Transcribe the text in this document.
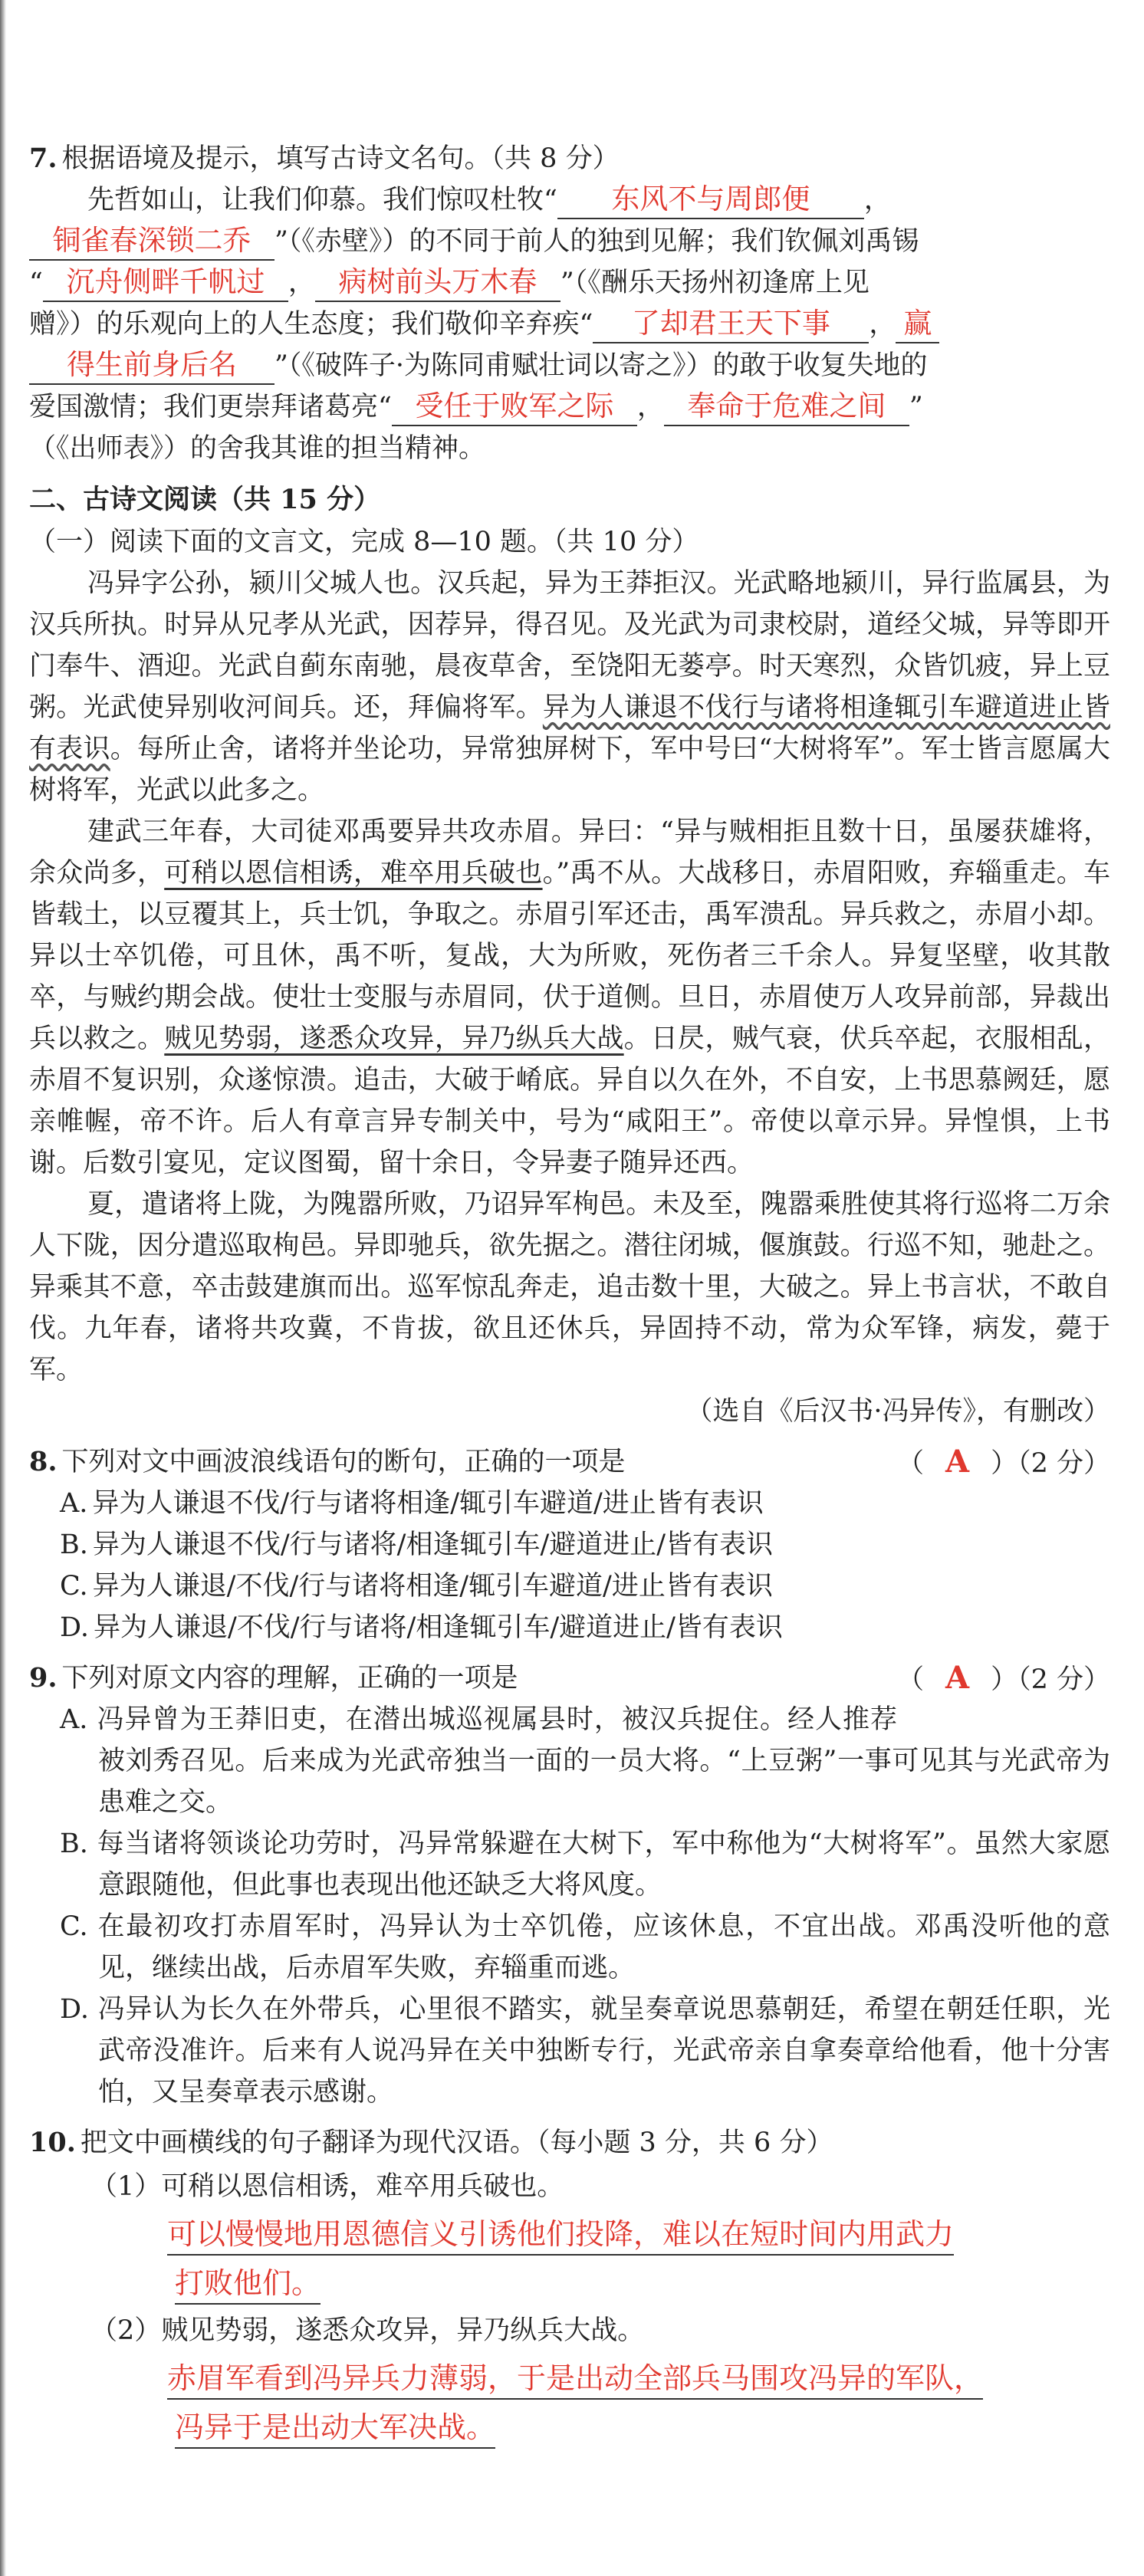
7. 根据语境及提示，填写古诗文名句。（共 8 分）
先哲如山，让我们仰慕。我们惊叹杜牧“ 东风不与周郎便 ，
铜雀春深锁二乔 ”（《赤壁》）的不同于前人的独到见解；我们钦佩刘禹锡
“ 沉舟侧畔千帆过 ， 病树前头万木春 ”（《酬乐天扬州初逢席上见
赠》）的乐观向上的人生态度；我们敬仰辛弃疾“ 了却君王天下事 ， 赢
得生前身后名 ”（《破阵子·为陈同甫赋壮词以寄之》）的敢于收复失地的
爱国激情；我们更崇拜诸葛亮“ 受任于败军之际 ， 奉命于危难之间 ”
（《出师表》）的舍我其谁的担当精神。
二、古诗文阅读（共 15 分）
（一）阅读下面的文言文，完成 8—10 题。（共 10 分）

冯异字公孙，颍川父城人也。汉兵起，异为王莽拒汉。光武略地颍川，异行监属县，为汉兵所执。时异从兄孝从光武，因荐异，得召见。及光武为司隶校尉，道经父城，异等即开门奉牛、酒迎。光武自蓟东南驰，晨夜草舍，至饶阳无蒌亭。时天寒烈，众皆饥疲，异上豆粥。光武使异别收河间兵。还，拜偏将军。异为人谦退不伐行与诸将相逢辄引车避道进止皆有表识。每所止舍，诸将并坐论功，异常独屏树下，军中号曰“大树将军”。军士皆言愿属大树将军，光武以此多之。

建武三年春，大司徒邓禹要异共攻赤眉。异曰：“异与贼相拒且数十日，虽屡获雄将，余众尚多，可稍以恩信相诱，难卒用兵破也。”禹不从。大战移日，赤眉阳败，弃辎重走。车皆载土，以豆覆其上，兵士饥，争取之。赤眉引军还击，禹军溃乱。异兵救之，赤眉小却。异以士卒饥倦，可且休，禹不听，复战，大为所败，死伤者三千余人。异复坚壁，收其散卒，与贼约期会战。使壮士变服与赤眉同，伏于道侧。旦日，赤眉使万人攻异前部，异裁出兵以救之。贼见势弱，遂悉众攻异，异乃纵兵大战。日昃，贼气衰，伏兵卒起，衣服相乱，赤眉不复识别，众遂惊溃。追击，大破于崤底。异自以久在外，不自安，上书思慕阙廷，愿亲帷幄，帝不许。后人有章言异专制关中，号为“咸阳王”。帝使以章示异。异惶惧，上书谢。后数引宴见，定议图蜀，留十余日，令异妻子随异还西。

夏，遣诸将上陇，为隗嚣所败，乃诏异军栒邑。未及至，隗嚣乘胜使其将行巡将二万余人下陇，因分遣巡取栒邑。异即驰兵，欲先据之。潜往闭城，偃旗鼓。行巡不知，驰赴之。异乘其不意，卒击鼓建旗而出。巡军惊乱奔走，追击数十里，大破之。异上书言状，不敢自伐。九年春，诸将共攻冀，不肯拔，欲且还休兵，异固持不动，常为众军锋，病发，薨于军。

（选自《后汉书·冯异传》，有删改）
8. 下列对文中画波浪线语句的断句，正确的一项是	（ A ）（2 分）
A. 异为人谦退不伐/行与诸将相逢/辄引车避道/进止皆有表识
B. 异为人谦退不伐/行与诸将/相逢辄引车/避道进止/皆有表识
C. 异为人谦退/不伐/行与诸将相逢/辄引车避道/进止皆有表识
D. 异为人谦退/不伐/行与诸将/相逢辄引车/避道进止/皆有表识
9. 下列对原文内容的理解，正确的一项是	（ A ）（2 分）

A. 冯异曾为王莽旧吏，在潜出城巡视属县时，被汉兵捉住。经人推荐被刘秀召见。后来成为光武帝独当一面的一员大将。“上豆粥”一事可见其与光武帝为患难之交。

B. 每当诸将领谈论功劳时，冯异常躲避在大树下，军中称他为“大树将军”。虽然大家愿意跟随他，但此事也表现出他还缺乏大将风度。

C. 在最初攻打赤眉军时，冯异认为士卒饥倦，应该休息，不宜出战。邓禹没听他的意见，继续出战，后赤眉军失败，弃辎重而逃。

D. 冯异认为长久在外带兵，心里很不踏实，就呈奏章说思慕朝廷，希望在朝廷任职，光武帝没准许。后来有人说冯异在关中独断专行，光武帝亲自拿奏章给他看，他十分害怕，又呈奏章表示感谢。

10. 把文中画横线的句子翻译为现代汉语。（每小题 3 分，共 6 分）
（1）可稍以恩信相诱，难卒用兵破也。

可以慢慢地用恩德信义引诱他们投降，难以在短时间内用武力
打败他们。

（2）贼见势弱，遂悉众攻异，异乃纵兵大战。

赤眉军看到冯异兵力薄弱，于是出动全部兵马围攻冯异的军队，
冯异于是出动大军决战。
